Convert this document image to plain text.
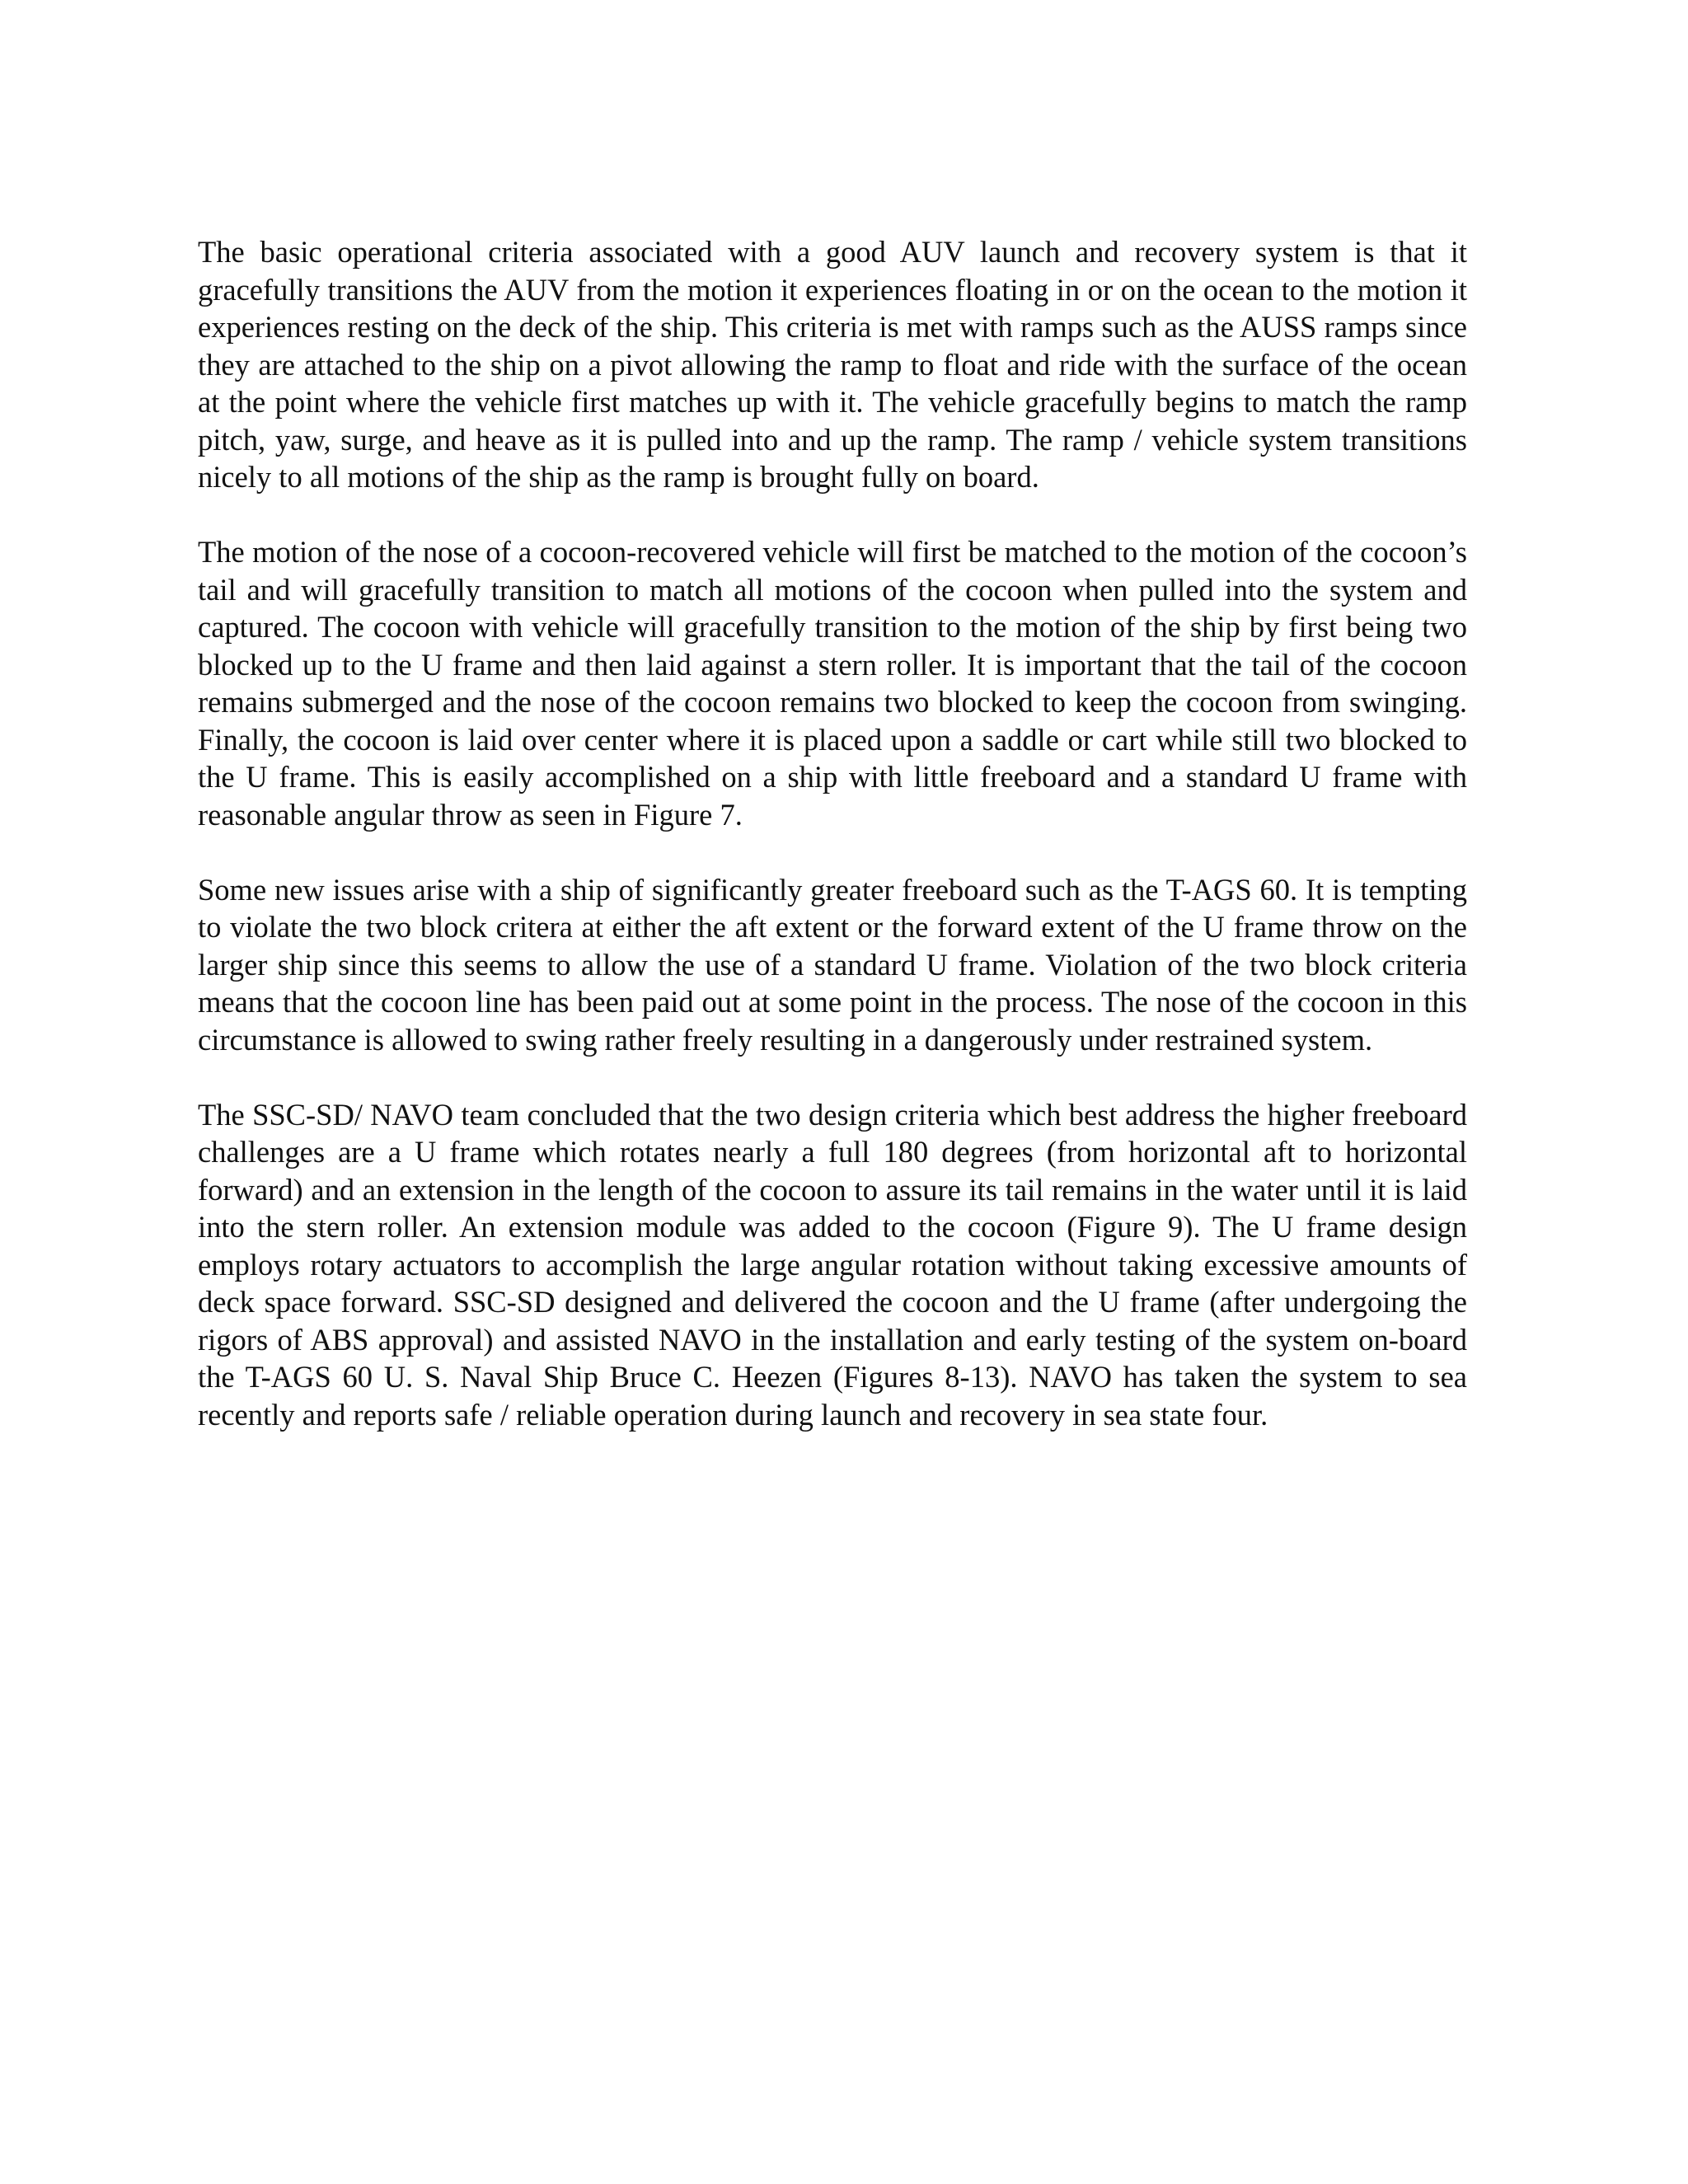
The basic operational criteria associated with a good AUV launch and recovery system is that it gracefully transitions the AUV from the motion it experiences floating in or on the ocean to the motion it experiences resting on the deck of the ship. This criteria is met with ramps such as the AUSS ramps since they are attached to the ship on a pivot allowing the ramp to float and ride with the surface of the ocean at the point where the vehicle first matches up with it. The vehicle gracefully begins to match the ramp pitch, yaw, surge, and heave as it is pulled into and up the ramp. The ramp / vehicle system transitions nicely to all motions of the ship as the ramp is brought fully on board.

The motion of the nose of a cocoon-recovered vehicle will first be matched to the motion of the cocoon’s tail and will gracefully transition to match all motions of the cocoon when pulled into the system and captured. The cocoon with vehicle will gracefully transition to the motion of the ship by first being two blocked up to the U frame and then laid against a stern roller. It is important that the tail of the cocoon remains submerged and the nose of the cocoon remains two blocked to keep the cocoon from swinging. Finally, the cocoon is laid over center where it is placed upon a saddle or cart while still two blocked to the U frame. This is easily accomplished on a ship with little freeboard and a standard U frame with reasonable angular throw as seen in Figure 7.

Some new issues arise with a ship of significantly greater freeboard such as the T-AGS 60. It is tempting to violate the two block critera at either the aft extent or the forward extent of the U frame throw on the larger ship since this seems to allow the use of a standard U frame. Violation of the two block criteria means that the cocoon line has been paid out at some point in the process. The nose of the cocoon in this circumstance is allowed to swing rather freely resulting in a dangerously under restrained system.

The SSC-SD/ NAVO team concluded that the two design criteria which best address the higher freeboard challenges are a U frame which rotates nearly a full 180 degrees (from horizontal aft to horizontal forward) and an extension in the length of the cocoon to assure its tail remains in the water until it is laid into the stern roller. An extension module was added to the cocoon (Figure 9). The U frame design employs rotary actuators to accomplish the large angular rotation without taking excessive amounts of deck space forward. SSC-SD designed and delivered the cocoon and the U frame (after undergoing the rigors of ABS approval) and assisted NAVO in the installation and early testing of the system on-board the T-AGS 60 U. S. Naval Ship Bruce C. Heezen (Figures 8-13). NAVO has taken the system to sea recently and reports safe / reliable operation during launch and recovery in sea state four.
